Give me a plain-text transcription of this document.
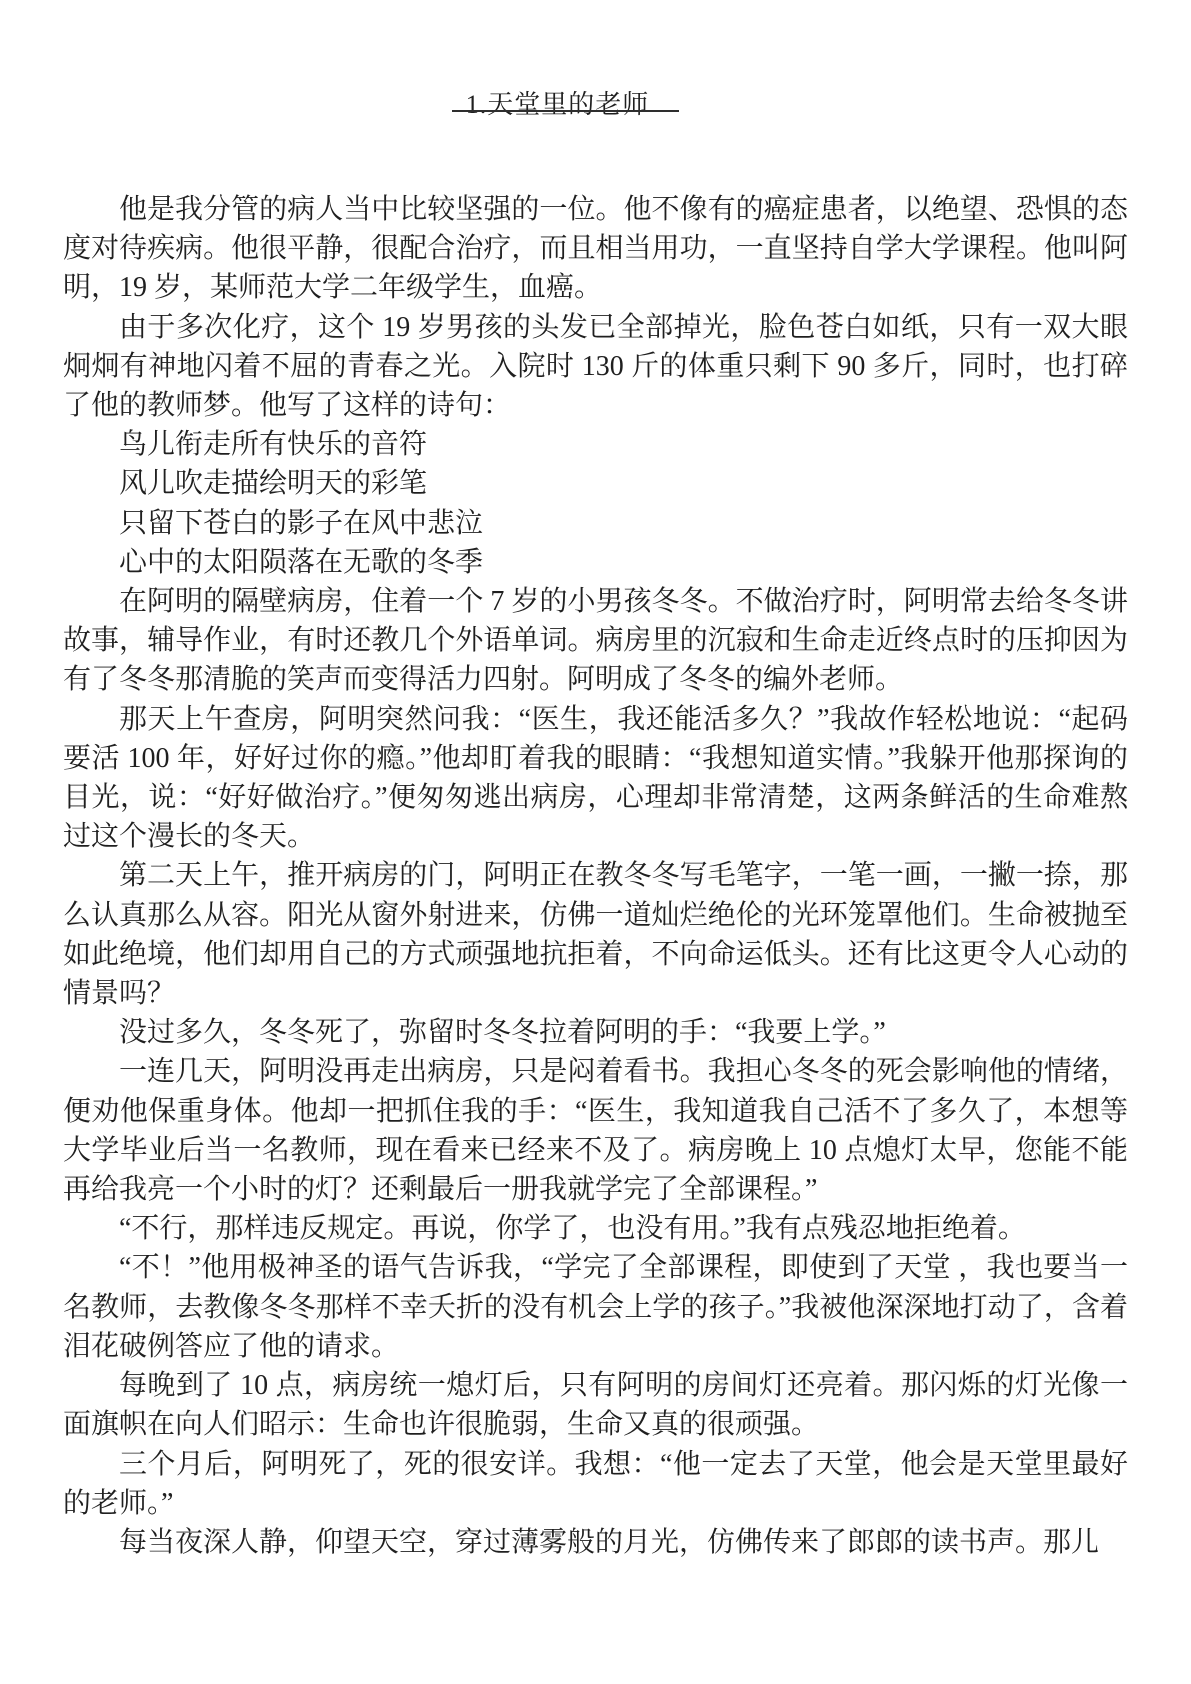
1.天堂里的老师

他是我分管的病人当中比较坚强的一位。他不像有的癌症患者，以绝望、恐惧的态度对待疾病。他很平静，很配合治疗，而且相当用功，一直坚持自学大学课程。他叫阿明，19 岁，某师范大学二年级学生，血癌。

由于多次化疗，这个 19 岁男孩的头发已全部掉光，脸色苍白如纸，只有一双大眼炯炯有神地闪着不屈的青春之光。入院时 130 斤的体重只剩下 90 多斤，同时，也打碎了他的教师梦。他写了这样的诗句：

鸟儿衔走所有快乐的音符

风儿吹走描绘明天的彩笔

只留下苍白的影子在风中悲泣

心中的太阳陨落在无歌的冬季

在阿明的隔壁病房，住着一个 7 岁的小男孩冬冬。不做治疗时，阿明常去给冬冬讲故事，辅导作业，有时还教几个外语单词。病房里的沉寂和生命走近终点时的压抑因为有了冬冬那清脆的笑声而变得活力四射。阿明成了冬冬的编外老师。

那天上午查房，阿明突然问我：“医生，我还能活多久？”我故作轻松地说：“起码要活 100 年，好好过你的瘾。”他却盯着我的眼睛：“我想知道实情。”我躲开他那探询的目光，说：“好好做治疗。”便匆匆逃出病房，心理却非常清楚，这两条鲜活的生命难熬过这个漫长的冬天。

第二天上午，推开病房的门，阿明正在教冬冬写毛笔字，一笔一画，一撇一捺，那么认真那么从容。阳光从窗外射进来，仿佛一道灿烂绝伦的光环笼罩他们。生命被抛至如此绝境，他们却用自己的方式顽强地抗拒着，不向命运低头。还有比这更令人心动的情景吗？

没过多久，冬冬死了，弥留时冬冬拉着阿明的手：“我要上学。”

一连几天，阿明没再走出病房，只是闷着看书。我担心冬冬的死会影响他的情绪，便劝他保重身体。他却一把抓住我的手：“医生，我知道我自己活不了多久了，本想等大学毕业后当一名教师，现在看来已经来不及了。病房晚上 10 点熄灯太早，您能不能再给我亮一个小时的灯？还剩最后一册我就学完了全部课程。”

“不行，那样违反规定。再说，你学了，也没有用。”我有点残忍地拒绝着。

“不！”他用极神圣的语气告诉我，“学完了全部课程，即使到了天堂 ，我也要当一名教师，去教像冬冬那样不幸夭折的没有机会上学的孩子。”我被他深深地打动了，含着泪花破例答应了他的请求。

每晚到了 10 点，病房统一熄灯后，只有阿明的房间灯还亮着。那闪烁的灯光像一面旗帜在向人们昭示：生命也许很脆弱，生命又真的很顽强。

三个月后，阿明死了，死的很安详。我想：“他一定去了天堂，他会是天堂里最好的老师。”

每当夜深人静，仰望天空，穿过薄雾般的月光，仿佛传来了郎郎的读书声。那儿
